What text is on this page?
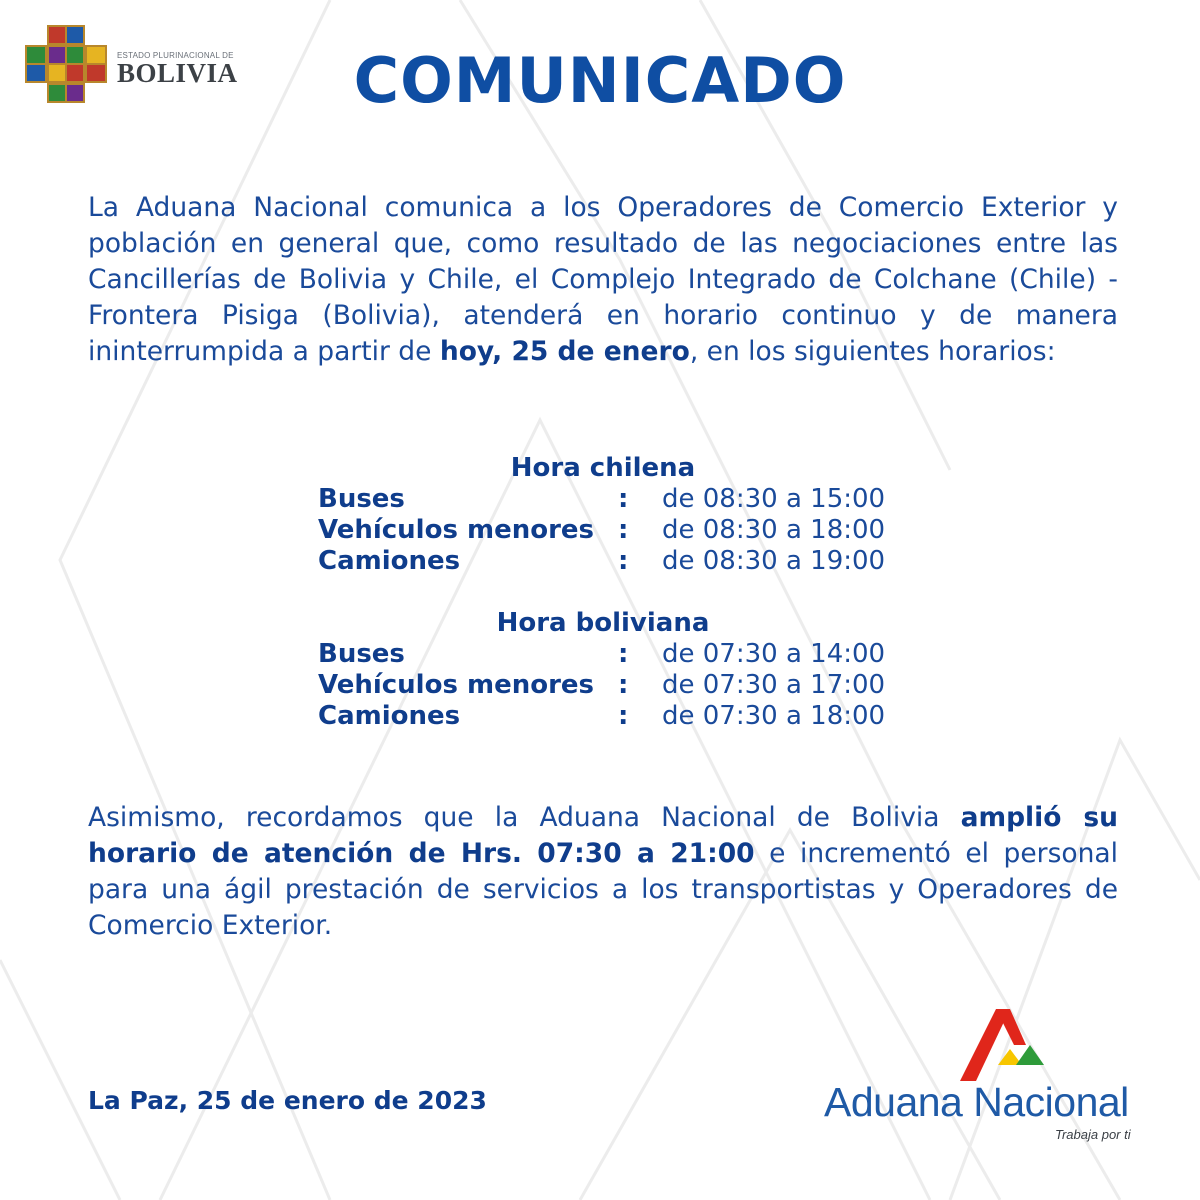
ESTADO PLURINACIONAL DE
BOLIVIA	COMUNICADO
La Aduana Nacional comunica a los Operadores de Comercio Exterior y población en general que, como resultado de las negociaciones entre las Cancillerías de Bolivia y Chile, el Complejo Integrado de Colchane (Chile) - Frontera Pisiga (Bolivia), atenderá en horario continuo y de manera ininterrumpida a partir de hoy, 25 de enero, en los siguientes horarios:
Hora chilena
Buses	:	de 08:30 a 15:00
Vehículos menores :	de 08:30 a 18:00
Camiones	:	de 08:30 a 19:00
Hora boliviana
Buses	:	de 07:30 a 14:00
Vehículos menores :	de 07:30 a 17:00
Camiones	:	de 07:30 a 18:00
Asimismo, recordamos que la Aduana Nacional de Bolivia amplió su horario de atención de Hrs. 07:30 a 21:00 e incrementó el personal para una ágil prestación de servicios a los transportistas y Operadores de Comercio Exterior.
La Paz, 25 de enero de 2023	Aduana Nacional
Trabaja por ti
